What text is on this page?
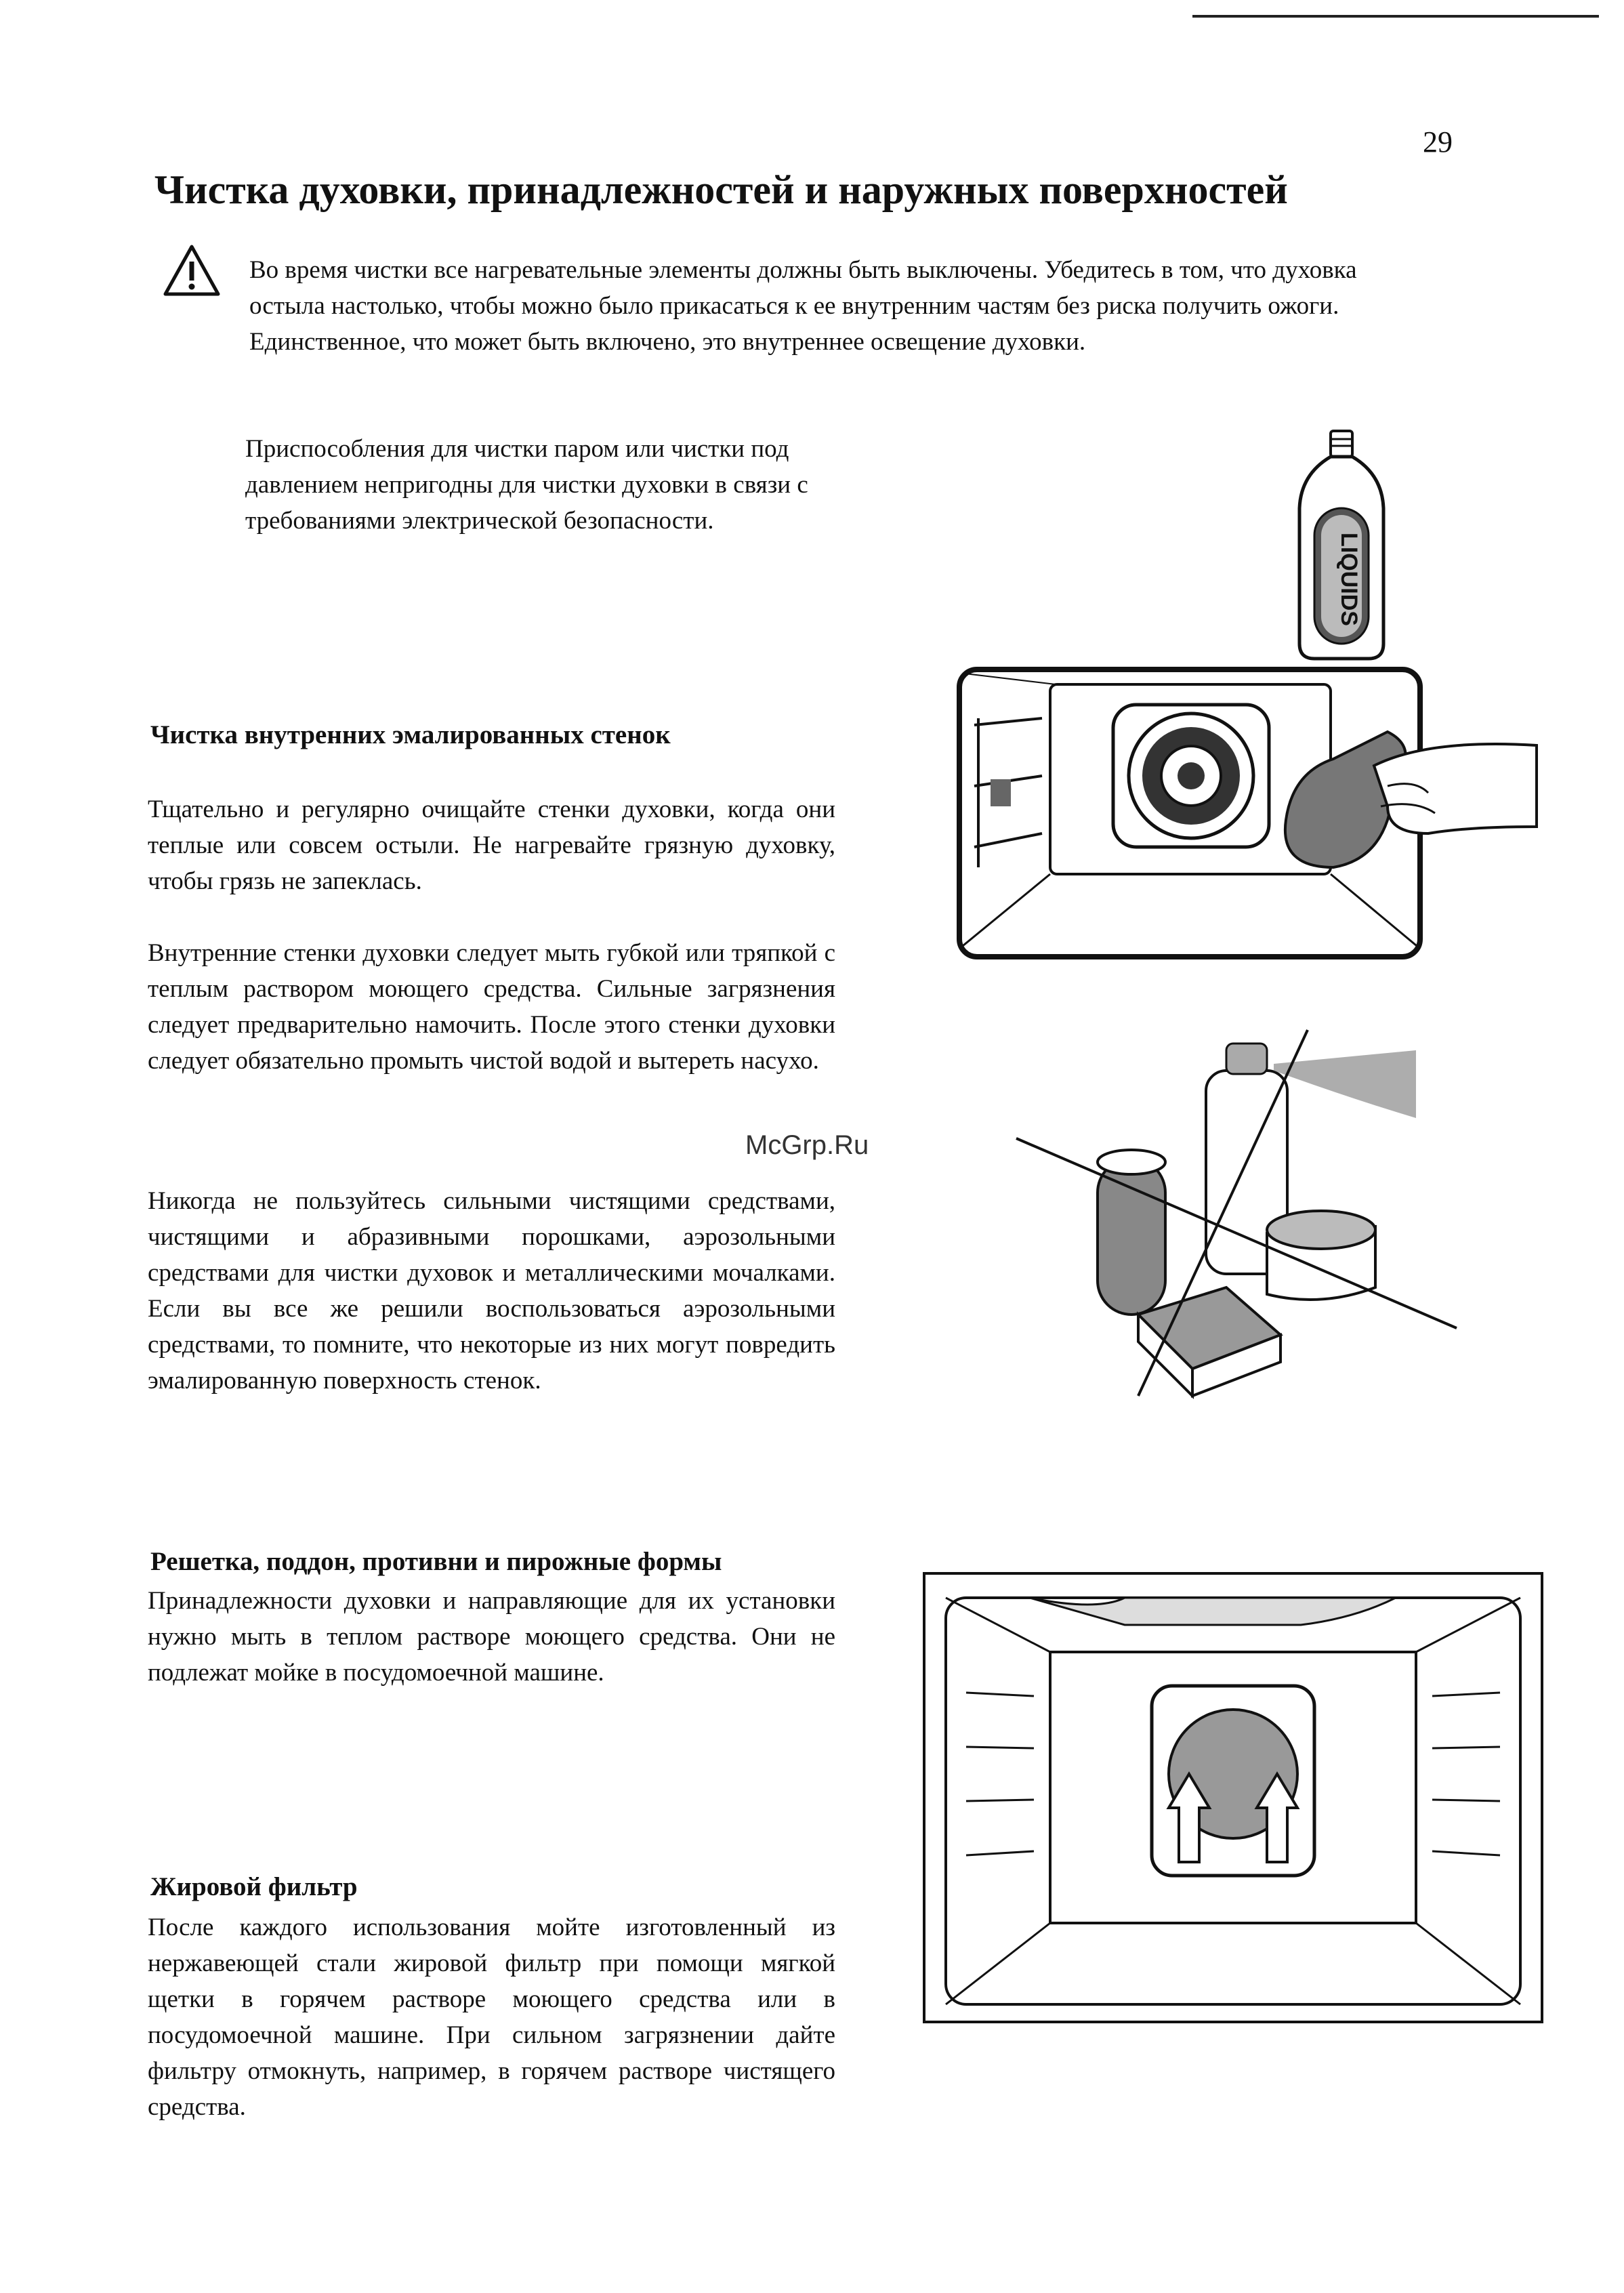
29
Чистка духовки, принадлежностей и наружных поверхностей
Во время чистки все нагревательные элементы должны быть выключены. Убедитесь в том, что духовка остыла настолько, чтобы можно было прикасаться к ее внутренним частям без риска получить ожоги. Единственное, что может быть включено, это внутреннее освещение духовки.
Приспособления для чистки паром или чистки под давлением непригодны для чистки духовки в связи с требованиями электрической безопасности.
LIQUIDS
McGrp.Ru
Чистка внутренних эмалированных стенок

Тщательно и регулярно очищайте стенки духовки, когда они теплые или совсем остыли. Не нагревайте грязную духовку, чтобы грязь не запеклась.

Внутренние стенки духовки следует мыть губкой или тряпкой с теплым раствором моющего средства. Сильные загрязнения следует предварительно намочить. После этого стенки духовки следует обязательно промыть чистой водой и вытереть насухо.

Никогда не пользуйтесь сильными чистящими средствами, чистящими и абразивными порошками, аэрозольными средствами для чистки духовок и металлическими мочалками. Если вы все же решили воспользоваться аэрозольными средствами, то помните, что некоторые из них могут повредить эмалированную поверхность стенок.

Решетка, поддон, противни и пирожные формы

Принадлежности духовки и направляющие для их установки нужно мыть в теплом растворе моющего средства. Они не подлежат мойке в посудомоечной машине.

Жировой фильтр

После каждого использования мойте изготовленный из нержавеющей стали жировой фильтр при помощи мягкой щетки в горячем растворе моющего средства или в посудомоечной машине. При сильном загрязнении дайте фильтру отмокнуть, например, в горячем растворе чистящего средства.
